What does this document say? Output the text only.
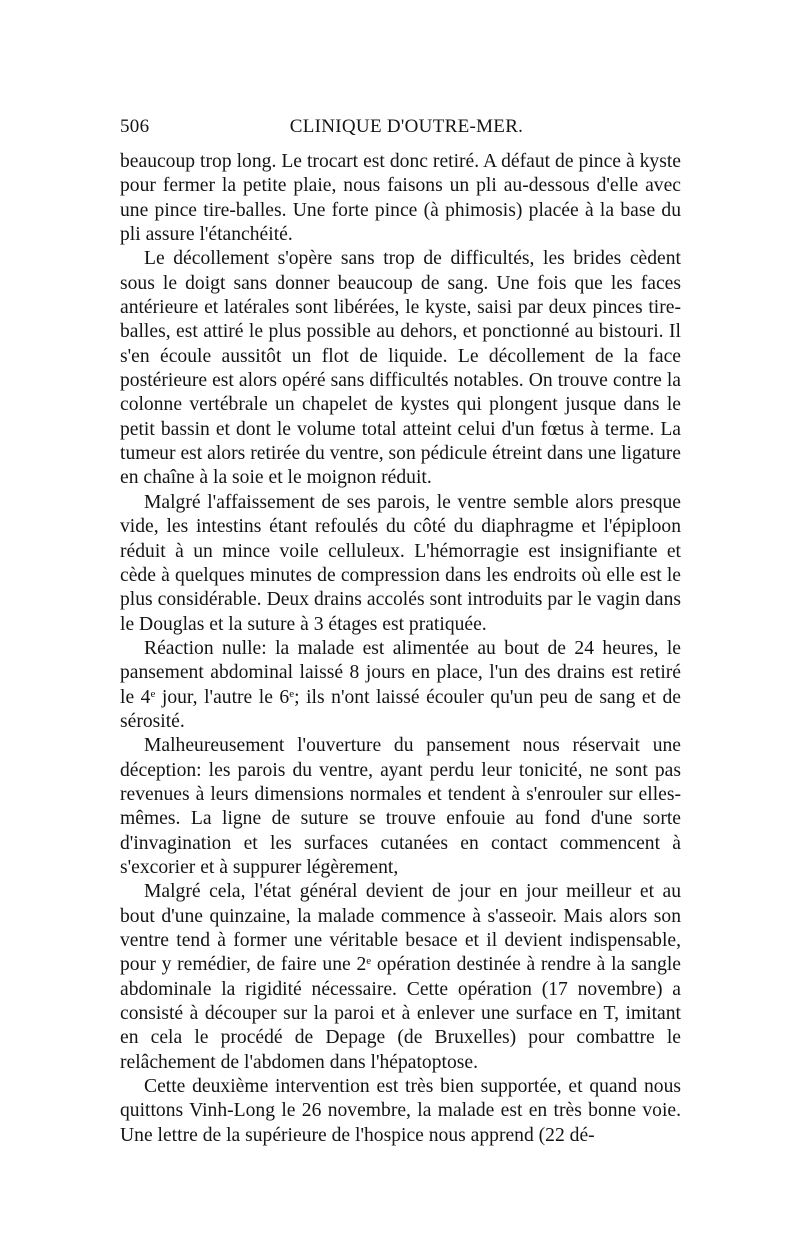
506	CLINIQUE D'OUTRE-MER.

beaucoup trop long. Le trocart est donc retiré. A défaut de pince à kyste pour fermer la petite plaie, nous faisons un pli au-dessous d'elle avec une pince tire-balles. Une forte pince (à phimosis) placée à la base du pli assure l'étanchéité.

Le décollement s'opère sans trop de difficultés, les brides cèdent sous le doigt sans donner beaucoup de sang. Une fois que les faces antérieure et latérales sont libérées, le kyste, saisi par deux pinces tire-balles, est attiré le plus possible au dehors, et ponctionné au bistouri. Il s'en écoule aussitôt un flot de liquide. Le décollement de la face postérieure est alors opéré sans difficultés notables. On trouve contre la colonne vertébrale un chapelet de kystes qui plongent jusque dans le petit bassin et dont le volume total atteint celui d'un fœtus à terme. La tumeur est alors retirée du ventre, son pédicule étreint dans une ligature en chaîne à la soie et le moignon réduit.

Malgré l'affaissement de ses parois, le ventre semble alors presque vide, les intestins étant refoulés du côté du diaphragme et l'épiploon réduit à un mince voile celluleux. L'hémorragie est insignifiante et cède à quelques minutes de compression dans les endroits où elle est le plus considérable. Deux drains accolés sont introduits par le vagin dans le Douglas et la suture à 3 étages est pratiquée.

Réaction nulle: la malade est alimentée au bout de 24 heures, le pansement abdominal laissé 8 jours en place, l'un des drains est retiré le 4e jour, l'autre le 6e; ils n'ont laissé écouler qu'un peu de sang et de sérosité.

Malheureusement l'ouverture du pansement nous réservait une déception: les parois du ventre, ayant perdu leur tonicité, ne sont pas revenues à leurs dimensions normales et tendent à s'enrouler sur elles-mêmes. La ligne de suture se trouve enfouie au fond d'une sorte d'invagination et les surfaces cutanées en contact commencent à s'excorier et à suppurer légèrement,

Malgré cela, l'état général devient de jour en jour meilleur et au bout d'une quinzaine, la malade commence à s'asseoir. Mais alors son ventre tend à former une véritable besace et il devient indispensable, pour y remédier, de faire une 2e opération destinée à rendre à la sangle abdominale la rigidité nécessaire. Cette opération (17 novembre) a consisté à découper sur la paroi et à enlever une surface en T, imitant en cela le procédé de Depage (de Bruxelles) pour combattre le relâchement de l'abdomen dans l'hépatoptose.

Cette deuxième intervention est très bien supportée, et quand nous quittons Vinh-Long le 26 novembre, la malade est en très bonne voie. Une lettre de la supérieure de l'hospice nous apprend (22 dé-
